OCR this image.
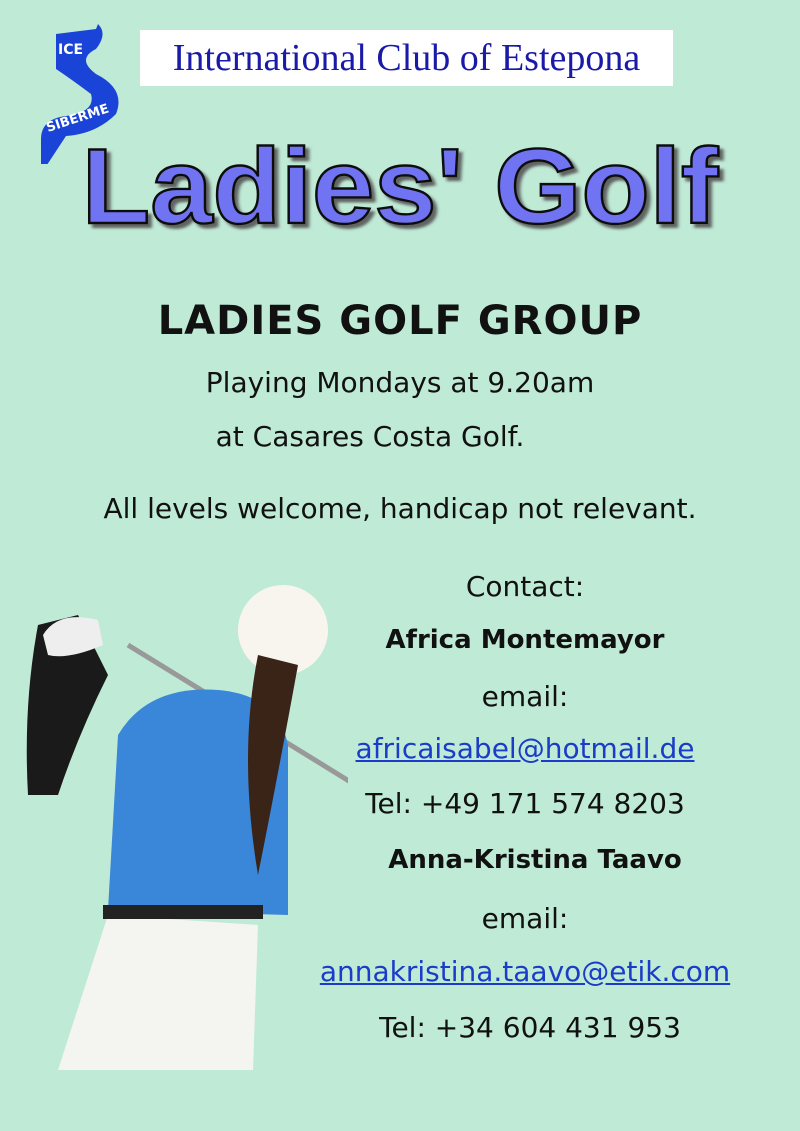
ICE
SIBERME
International Club of Estepona
Ladies' Golf
LADIES GOLF GROUP
Playing Mondays at 9.20am
at Casares Costa Golf.
All levels welcome, handicap not relevant.
Contact:
Africa Montemayor
email:
africaisabel@hotmail.de
Tel: +49 171 574 8203
Anna-Kristina Taavo
email:
annakristina.taavo@etik.com
Tel: +34 604 431 953
